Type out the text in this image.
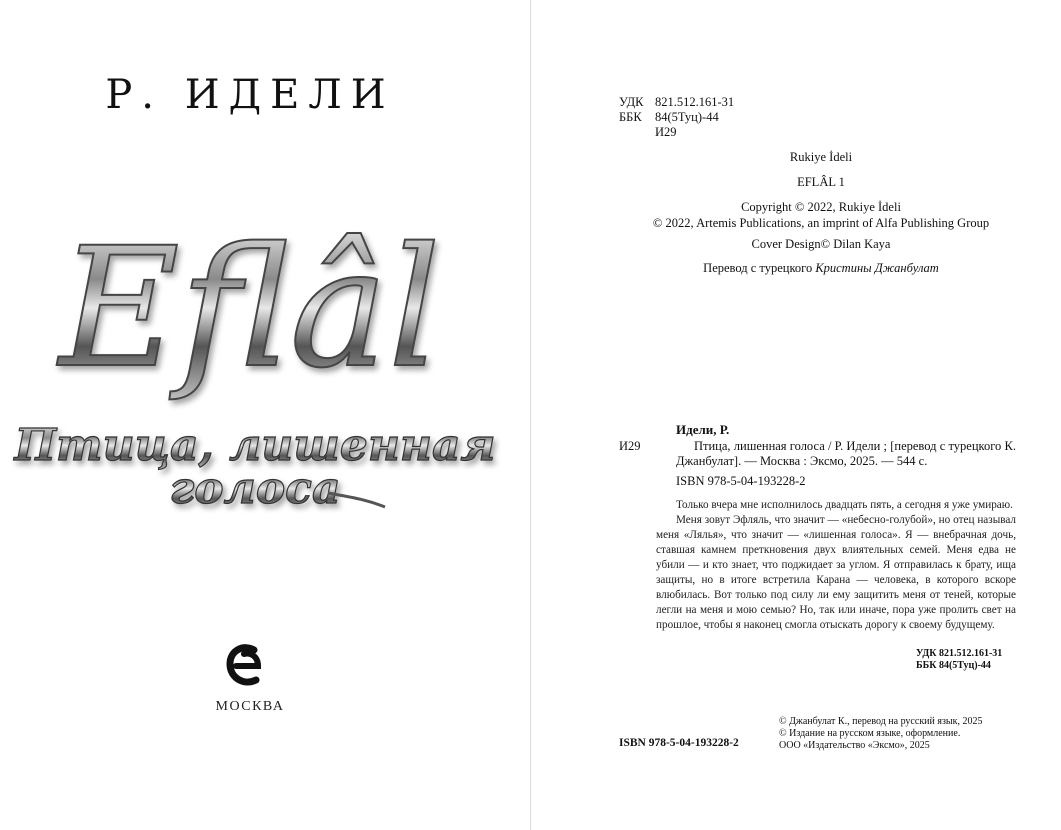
Р. ИДЕЛИ
Eflâl
Птица, лишенная
голоса
МОСКВА
УДК 821.512.161-31
ББК 84(5Туц)-44
И29
Rukiye İdeli
EFLÂL 1
Copyright © 2022, Rukiye İdeli
© 2022, Artemis Publications, an imprint of Alfa Publishing Group
Cover Design© Dilan Kaya
Перевод с турецкого Кристины Джанбулат
Идели, Р.
И29	Птица, лишенная голоса / Р. Идели ; [перевод с турецкого К. Джанбулат]. — Москва : Эксмо, 2025. — 544 с.
ISBN 978-5-04-193228-2

Только вчера мне исполнилось двадцать пять, а сегодня я уже умираю.

Меня зовут Эфляль, что значит — «небесно-голубой», но отец называл меня «Лялья», что значит — «лишенная голоса». Я — внебрачная дочь, ставшая камнем преткновения двух влиятельных семей. Меня едва не убили — и кто знает, что поджидает за углом. Я отправилась к брату, ища защиты, но в итоге встретила Карана — человека, в которого вскоре влюбилась. Вот только под силу ли ему защитить меня от теней, которые легли на меня и мою семью? Но, так или иначе, пора уже пролить свет на прошлое, чтобы я наконец смогла отыскать дорогу к своему будущему.

УДК 821.512.161-31
ББК 84(5Туц)-44
© Джанбулат К., перевод на русский язык, 2025
© Издание на русском языке, оформление.
ООО «Издательство «Эксмо», 2025
ISBN 978-5-04-193228-2
